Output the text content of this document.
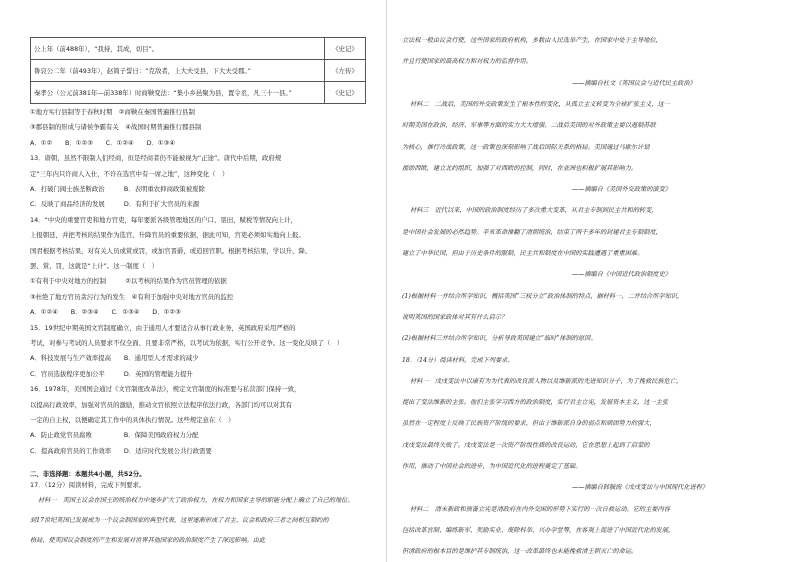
公上年（前488年），“我持，其成，切目”。	《史记》
鲁哀公二年（前493年），赵简子誓曰：“克敌者，上大夫受县，下大夫受郡。”	《左传》
秦孝公（公元前381年—前338年）时商鞅变法：“集小乡邑聚为县，置令丞，凡三十一县。”	《史记》
①地方实行县制等于春秋时期　②商鞅在秦国普遍推行县制
③郡县制的形成与诸侯争霸有关　④战国时期普遍推行郡县制
A．①②　　B．①②③　　C．①②④　　D．①③④
13．唐朝，虽然不限制人们经商，但是经商者仍不能被视为“正途”。唐代中后期，政府规
定“三年内只许商人入仕，不许在选官中有一席之地”，这种变化（　）
A．打破门阀士族垄断政治　　　B．表明重农抑商政策被废除
C．反映了商品经济的发展　　　D．有利于扩大官员的来源
14．“中央的重要官吏和地方官吏，每年要派各级管理地区的户口、垦田、赋税等情况向上计，
上报朝廷，并把考核的结果作为选官、升降官员的重要依据，据此可知，宫吏必须如实地向上报。
国君根据考核结果，对有关人员或赏或罚，或加官晋爵，或追回官职。根据考核结果，学以升、降、
罢、赏、罚，这就是“上计”。这一制度（　）
①有利于中央对地方的控制　　　②以考核的结果作为官员管理的依据
③杜绝了地方官员贪污行为的发生　④有利于加强中央对地方官员的监控
A．①②④　　B．②③④　　C．①③④　　D．①②③
15．19世纪中期英国文官制度确立，由于通用人才要适合从事行政业务，英国政府采用严格的
考试，对参与考试的人员要求不仅全面、且要非常严格，以考试为依据，实行公开竞争。这一变化反映了（　）
A．科技发展与生产效率提高　　B．通用型人才需求的减少
C．官员选拔程序更加公平　　　D．英国的管理能力提升
16．1978年，美国国会通过《文官制度改革法》，规定文官制度的标准要与私营部门保持一致，
以提高行政效率，加强对官员的激励，推动文官依照立法程序依法行政，各部门均可以对其有
一定的自主权，以便确定其工作中的具体执行情况。这些规定意在（　）
A．防止政党官员腐败　　　　　B．保障美国政府权力分配
C．提高政府官员的工作效率　　D．适应时代发展公共行政需要
二、非选择题：本题共4小题，共52分。
17．（12分）阅读材料，完成下列要求。
材料一　英国王议会在国王的统治权力中逐步扩大了政治权力，在权力和国家主导的职能分配上确立了自己的地位。
到17世纪英国已发展成为一个议会制国家的典型代表，这里逐渐形成了君主、议会和政府三者之间相互制约的
格局，使英国议会制度的产生和发展对世界其他国家的政治制度产生了深远影响。由此
立法权一般由议会行使，这些国家的政府机构，多数由人民选举产生，在国家中处于主导地位，
并且行使国家的最高权力和对权力的监督作用。
——摘编自杜文《英国议会与近代民主政治》
材料二　二战后，美国的外交政策发生了根本性的变化，从孤立主义转变为全球扩张主义，这一
时期美国在政治、经济、军事等方面的实力大大增强。二战后美国的对外政策主要以遏制苏联
为核心，推行冷战政策，这一政策也深刻影响了战后国际关系的格局。美国通过马歇尔计划
援助西欧，建立北约组织，加强了对西欧的控制，同时，在亚洲也积极扩展其影响力。
——摘编自《美国外交政策的演变》
材料三　近代以来，中国的政治制度经历了多次重大变革，从君主专制到民主共和的转变，
是中国社会发展的必然趋势。辛亥革命推翻了清朝统治，结束了两千多年的封建君主专制制度，
建立了中华民国，但由于历史条件的限制，民主共和制度在中国的实践遭遇了重重困难。
——摘编自《中国近代政治制度史》
(1)根据材料一并结合所学知识，概括英国“三权分立”政治体制的特点，据材料一、二并结合所学知识，
说明英国的国家政体对其有什么启示？
(2)根据材料三并结合所学知识，分析导致英国建立“临时”体制的原因。
18．（14分）阅读材料，完成下列要求。
材料一　戊戌变法中以康有为为代表的改良派人物以及维新派的先进知识分子，为了挽救民族危亡，
提出了变法维新的主张。他们主张学习西方的政治制度，实行君主立宪，发展资本主义，这一主张
虽然在一定程度上反映了民族资产阶级的要求，但由于维新派自身的弱点和顽固势力的强大，
戊戌变法最终失败了。戊戌变法是一次资产阶级性质的改良运动，它在思想上起到了启蒙的
作用，推动了中国社会的进步，为中国近代化的进程奠定了基础。
——摘编自韩毓海《戊戌变法与中国现代化进程》
材料二　清末新政和预备立宪是清政府在内外交困的形势下实行的一次自救运动。它的主要内容
包括改革官制、编练新军、奖励实业、废除科举、兴办学堂等，在客观上促进了中国近代化的发展，
但清政府的根本目的是维护其专制统治，这一改革最终也未能挽救清王朝灭亡的命运。
